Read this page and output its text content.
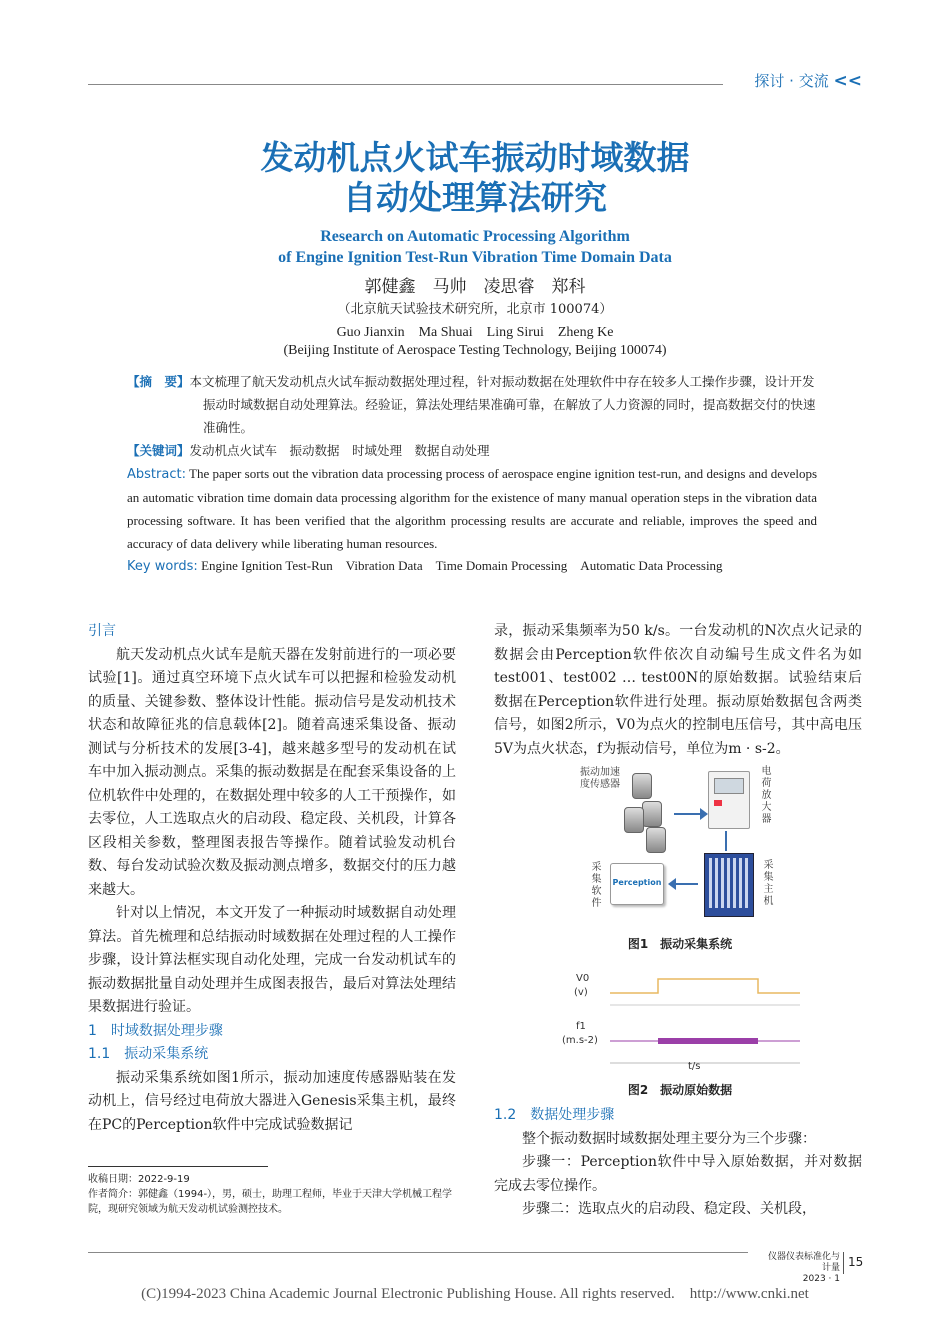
探讨 · 交流 <<
发动机点火试车振动时域数据
自动处理算法研究
Research on Automatic Processing Algorithm
of Engine Ignition Test-Run Vibration Time Domain Data
郭健鑫　马帅　凌思睿　郑科
（北京航天试验技术研究所，北京市 100074）
Guo Jianxin　Ma Shuai　Ling Sirui　Zheng Ke
(Beijing Institute of Aerospace Testing Technology, Beijing 100074)
【摘　要】本文梳理了航天发动机点火试车振动数据处理过程，针对振动数据在处理软件中存在较多人工操作步骤，设计开发振动时域数据自动处理算法。经验证，算法处理结果准确可靠，在解放了人力资源的同时，提高数据交付的快速准确性。
【关键词】发动机点火试车　振动数据　时域处理　数据自动处理
Abstract: The paper sorts out the vibration data processing process of aerospace engine ignition test-run, and designs and develops an automatic vibration time domain data processing algorithm for the existence of many manual operation steps in the vibration data processing software. It has been verified that the algorithm processing results are accurate and reliable, improves the speed and accuracy of data delivery while liberating human resources.
Key words: Engine Ignition Test-Run　Vibration Data　Time Domain Processing　Automatic Data Processing
引言

航天发动机点火试车是航天器在发射前进行的一项必要试验[1]。通过真空环境下点火试车可以把握和检验发动机的质量、关键参数、整体设计性能。振动信号是发动机技术状态和故障征兆的信息载体[2]。随着高速采集设备、振动测试与分析技术的发展[3-4]，越来越多型号的发动机在试车中加入振动测点。采集的振动数据是在配套采集设备的上位机软件中处理的，在数据处理中较多的人工干预操作，如去零位，人工选取点火的启动段、稳定段、关机段，计算各区段相关参数，整理图表报告等操作。随着试验发动机台数、每台发动试验次数及振动测点增多，数据交付的压力越来越大。

针对以上情况，本文开发了一种振动时域数据自动处理算法。首先梳理和总结振动时域数据在处理过程的人工操作步骤，设计算法框实现自动化处理，完成一台发动机试车的振动数据批量自动处理并生成图表报告，最后对算法处理结果数据进行验证。

1　时域数据处理步骤
1.1　振动采集系统

振动采集系统如图1所示，振动加速度传感器贴装在发动机上，信号经过电荷放大器进入Genesis采集主机，最终在PC的Perception软件中完成试验数据记

收稿日期：2022-9-19
作者简介：郭健鑫（1994-），男，硕士，助理工程师，毕业于天津大学机械工程学院，现研究领域为航天发动机试验测控技术。

录，振动采集频率为50 k/s。一台发动机的N次点火记录的数据会由Perception软件依次自动编号生成文件名为如test001、test002 … test00N的原始数据。试验结束后数据在Perception软件进行处理。振动原始数据包含两类信号，如图2所示，V0为点火的控制电压信号，其中高电压5V为点火状态，f为振动信号，单位为m · s-2。

振动加速度传感器	电荷放大器
采集主机
Perception
采集软件
图1　振动采集系统
V0
(v)
f1
(m.s-2)
t/s
图2　振动原始数据
1.2　数据处理步骤

整个振动数据时域数据处理主要分为三个步骤：

步骤一：Perception软件中导入原始数据，并对数据完成去零位操作。

步骤二：选取点火的启动段、稳定段、关机段，

仪器仪表标准化与计量
2023 · 1
15
(C)1994-2023 China Academic Journal Electronic Publishing House. All rights reserved.　http://www.cnki.net
